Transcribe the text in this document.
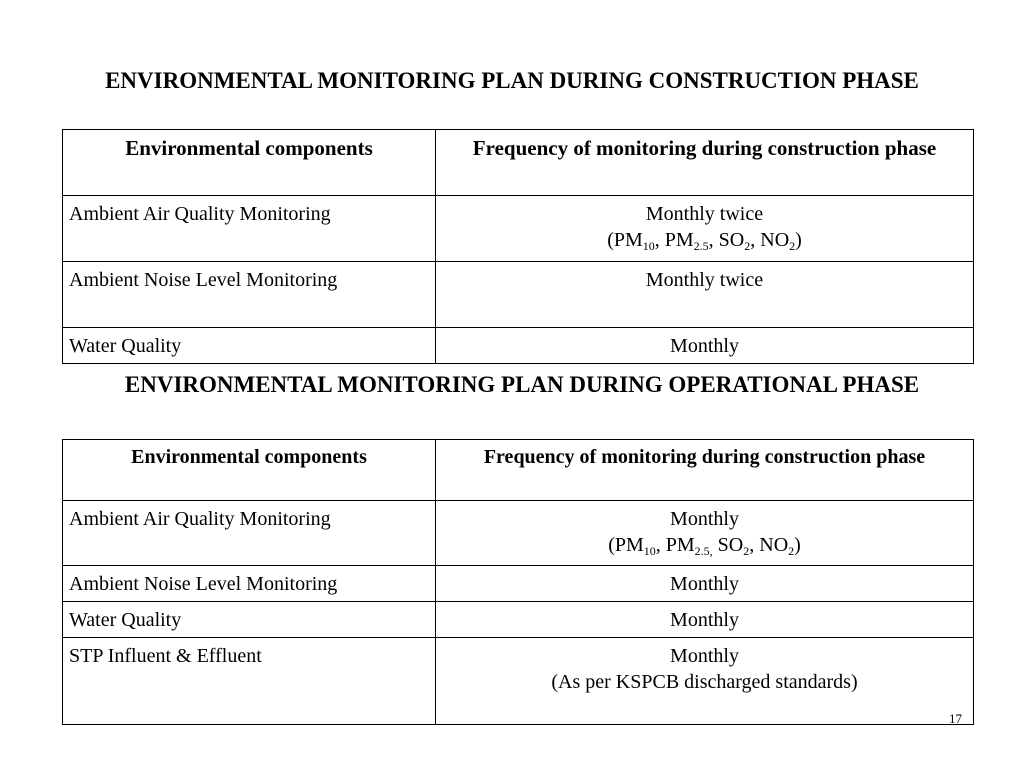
ENVIRONMENTAL MONITORING PLAN DURING CONSTRUCTION PHASE
Environmental components	Frequency of monitoring during construction phase
Ambient Air Quality Monitoring	Monthly twice
($PM_{10}$, $PM_{2.5}$, $SO_2$, $NO_2$)

Ambient Noise Level Monitoring	Monthly twice
Water Quality	Monthly
ENVIRONMENTAL MONITORING PLAN DURING OPERATIONAL PHASE
Environmental components	Frequency of monitoring during construction phase
Ambient Air Quality Monitoring	Monthly
($PM_{10}$, $PM_{2.5,}$ $SO_2$, $NO_2$)

Ambient Noise Level Monitoring	Monthly
Water Quality	Monthly
STP Influent & Effluent	Monthly
(As per KSPCB discharged standards)
17
